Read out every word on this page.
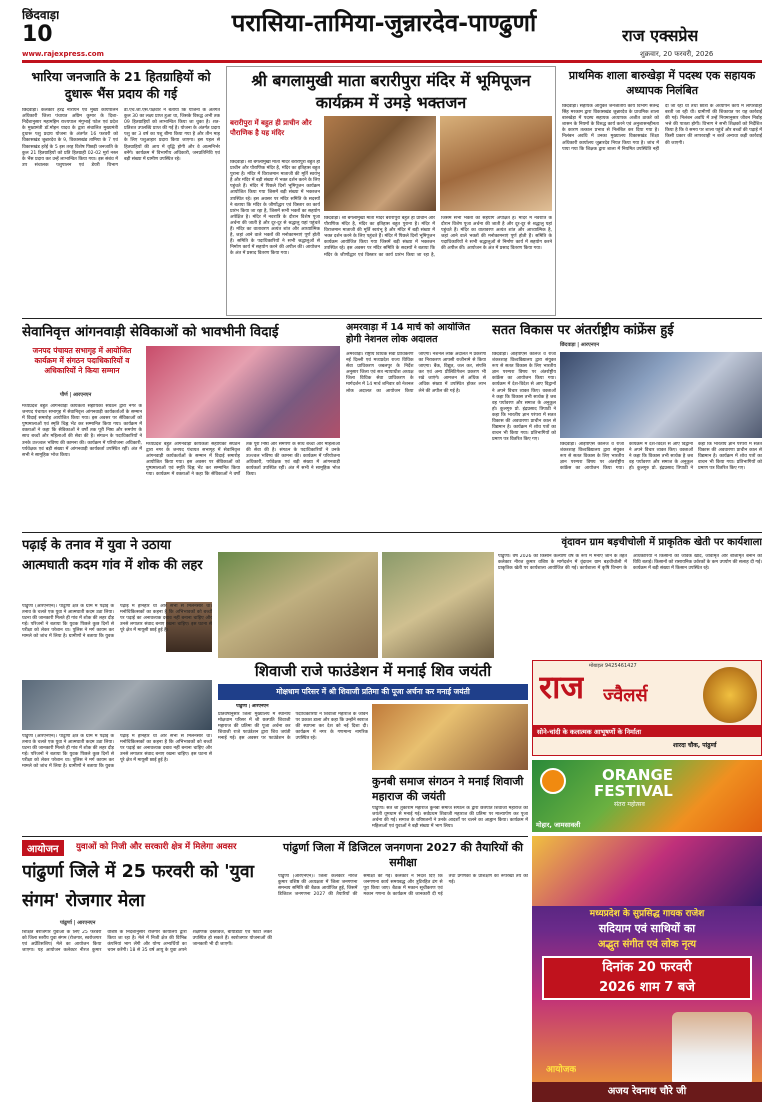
छिंदवाड़ा
10
www.rajexpress.com
परासिया-तामिया-जुन्नारदेव-पाण्ढुर्णा	राज एक्सप्रेस
शुक्रवार, 20 फरवरी, 2026
भारिया जनजाति के 21 हितग्राहियों को दुधारू भैंस प्रदाय की गई
छिंदवाड़ा। कलेक्टर हरेंद्र नारायन एवं मुख्य कार्यपालन अधिकारी जिला पंचायत अग्रिम कुमार के दिशा-निर्देशानुसार महामहिम राज्यपाल मंगुभाई पटेल एवं प्रदेश के मुख्यमंत्री डॉ.मोहन यादव के द्वारा संचालित मुख्यमंत्री दुधारू पशु प्रदाय योजना के अंतर्गत 16 फरवरी को विकासखंड जुन्नारदेव के 9, विकासखंड तामिया के 7 एवं विकासखंड हर्रई के 5 इस तरह विशेष पिछड़ी जनजाति के कुल 21 हितग्राहियों को प्रति हितग्राही 02-02 मुर्रा नस्ल के भैंस प्रदाय कर उन्हें लाभान्वित किया गया। इस संबंध में उप संचालक पशुपालन एवं डेयरी विभाग डॉ.एच.जी.एस.पक्षवार ने बताया कि योजना के अंतर्गत कुल 30 का लक्ष्य प्राप्त हुआ था, जिसके विरुद्ध अभी तक 09 हितग्राहियों को लाभान्वित किया जा चुका है। शत-प्रतिशत उपलब्धि प्राप्त की गई है। योजना के अंतर्गत प्रदाय पशु का 3 वर्ष का पशु बीमा किया गया है और तीन माह के लिए पशुआहार प्रदाय किया जाएगा। इस पहल से हितग्राहियों की आय में वृद्धि होगी और वे आत्मनिर्भर बनेंगे। कार्यक्रम में विभागीय अधिकारी, जनप्रतिनिधि एवं बड़ी संख्या में ग्रामीण उपस्थित रहे।
श्री बगलामुखी माता बरारीपुरा मंदिर में भूमिपूजन कार्यक्रम में उमड़े भक्तजन
बरारीपुरा में बहुत ही प्राचीन और पौराणिक है यह मंदिर
छिंदवाड़ा। श्री बगलामुखी माता मंदिर बरारीपुरा बहुत ही प्राचीन और पौराणिक मंदिर है, मंदिर का इतिहास बहुत पुराना है। मंदिर में विराजमान माताजी की मूर्ति स्वयंभू है और मंदिर में बड़ी संख्या में भक्त दर्शन करने के लिए पहुंचते हैं। मंदिर में पिछले दिनों भूमिपूजन कार्यक्रम आयोजित किया गया जिसमें बड़ी संख्या में भक्तजन उपस्थित रहे। इस अवसर पर मंदिर समिति के सदस्यों ने बताया कि मंदिर के जीर्णोद्धार एवं विस्तार का कार्य प्रारंभ किया जा रहा है, जिसमें सभी भक्तों का सहयोग अपेक्षित है। मंदिर में नवरात्रि के दौरान विशेष पूजा अर्चना की जाती है और दूर-दूर से श्रद्धालु यहां पहुंचते हैं। मंदिर का वातावरण अत्यंत शांत और आध्यात्मिक है, जहां आने वाले भक्तों की मनोकामनाएं पूर्ण होती हैं। समिति के पदाधिकारियों ने सभी श्रद्धालुओं से निर्माण कार्य में सहयोग करने की अपील की। आयोजन के अंत में प्रसाद वितरण किया गया।
छिंदवाड़ा। श्री बगलामुखी माता मंदिर बरारीपुरा बहुत ही प्राचीन और पौराणिक मंदिर है, मंदिर का इतिहास बहुत पुराना है। मंदिर में विराजमान माताजी की मूर्ति स्वयंभू है और मंदिर में बड़ी संख्या में भक्त दर्शन करने के लिए पहुंचते हैं। मंदिर में पिछले दिनों भूमिपूजन कार्यक्रम आयोजित किया गया जिसमें बड़ी संख्या में भक्तजन उपस्थित रहे। इस अवसर पर मंदिर समिति के सदस्यों ने बताया कि मंदिर के जीर्णोद्धार एवं विस्तार का कार्य प्रारंभ किया जा रहा है, जिसमें सभी भक्तों का सहयोग अपेक्षित है। मंदिर में नवरात्रि के दौरान विशेष पूजा अर्चना की जाती है और दूर-दूर से श्रद्धालु यहां पहुंचते हैं। मंदिर का वातावरण अत्यंत शांत और आध्यात्मिक है, जहां आने वाले भक्तों की मनोकामनाएं पूर्ण होती हैं। समिति के पदाधिकारियों ने सभी श्रद्धालुओं से निर्माण कार्य में सहयोग करने की अपील की। आयोजन के अंत में प्रसाद वितरण किया गया।
प्राथमिक शाला बारुखेड़ा में पदस्थ एक सहायक अध्यापक निलंबित
छिंदवाड़ा। सहायक आयुक्त जनजातीय कार्य विभाग सतेन्द्र सिंह मरकाम द्वारा विकासखंड जुन्नारदेव के प्राथमिक शाला बारुखेड़ा में पदस्थ सहायक अध्यापक अजीत ठाकरे को शासन के नियमों के विरुद्ध कार्य करने एवं अनुशासनहीनता के कारण तत्काल प्रभाव से निलंबित कर दिया गया है। निलंबन अवधि में उनका मुख्यालय विकासखंड शिक्षा अधिकारी कार्यालय जुन्नारदेव नियत किया गया है। जांच में पाया गया कि शिक्षक द्वारा शाला में नियमित उपस्थिति नहीं दी जा रही थी तथा छात्रों के अध्यापन कार्य में लापरवाही बरती जा रही थी। ग्रामीणों की शिकायत पर यह कार्रवाई की गई। निलंबन अवधि में उन्हें नियमानुसार जीवन निर्वाह भत्ते की पात्रता होगी। विभाग ने सभी शिक्षकों को निर्देशित किया है कि वे समय पर शाला पहुंचें और बच्चों की पढ़ाई में किसी प्रकार की लापरवाही न बरतें अन्यथा कड़ी कार्रवाई की जाएगी।
सेवानिवृत्त आंगनवाड़ी सेविकाओं को भावभीनी विदाई
जनपद पंचायत सभागृह में आयोजित कार्यक्रम में संगठन पदाधिकारियों व अधिकारियों ने किया सम्मान
पौर्ण | आरएनएन
मध्यप्रदेश बहुत आंगनवाड़ी कार्यकर्ता सहायिका संघठन द्वारा नगर के जनपद पंचायत सभागृह में सेवानिवृत्त आंगनवाड़ी कार्यकर्ताओं के सम्मान में विदाई समारोह आयोजित किया गया। इस अवसर पर सेविकाओं को पुष्पमालाओं एवं स्मृति चिह्न भेंट कर सम्मानित किया गया। कार्यक्रम में वक्ताओं ने कहा कि सेविकाओं ने वर्षों तक पूरी निष्ठा और समर्पण के साथ बच्चों और महिलाओं की सेवा की है। संगठन के पदाधिकारियों ने उनके उज्ज्वल भविष्य की कामना की। कार्यक्रम में परियोजना अधिकारी, पर्यवेक्षक एवं बड़ी संख्या में आंगनवाड़ी कार्यकर्ता उपस्थित रहीं। अंत में सभी ने सामूहिक भोज किया।
मध्यप्रदेश बहुत आंगनवाड़ी कार्यकर्ता सहायिका संघठन द्वारा नगर के जनपद पंचायत सभागृह में सेवानिवृत्त आंगनवाड़ी कार्यकर्ताओं के सम्मान में विदाई समारोह आयोजित किया गया। इस अवसर पर सेविकाओं को पुष्पमालाओं एवं स्मृति चिह्न भेंट कर सम्मानित किया गया। कार्यक्रम में वक्ताओं ने कहा कि सेविकाओं ने वर्षों तक पूरी निष्ठा और समर्पण के साथ बच्चों और महिलाओं की सेवा की है। संगठन के पदाधिकारियों ने उनके उज्ज्वल भविष्य की कामना की। कार्यक्रम में परियोजना अधिकारी, पर्यवेक्षक एवं बड़ी संख्या में आंगनवाड़ी कार्यकर्ता उपस्थित रहीं। अंत में सभी ने सामूहिक भोज किया।
अमरवाड़ा में 14 मार्च को आयोजित होगी नेशनल लोक अदालत
अमरवाड़ा। राष्ट्रीय विधिक सेवा प्राधिकरण नई दिल्ली एवं मध्यप्रदेश राज्य विधिक सेवा प्राधिकरण जबलपुर के निर्देश अनुसार जिला एवं सत्र न्यायाधीश अध्यक्ष जिला विधिक सेवा प्राधिकरण के मार्गदर्शन में 14 मार्च शनिवार को नेशनल लोक अदालत का आयोजन किया जाएगा। नेशनल लोक अदालत में प्रकरणों का निराकरण आपसी राजीनामे से किया जाएगा। बैंक, विद्युत, जल कर, संपत्ति कर एवं अन्य प्रीलिटिगेशन प्रकरण भी रखे जाएंगे। आमजन से अधिक से अधिक संख्या में उपस्थित होकर लाभ लेने की अपील की गई है।
सतत विकास पर अंतर्राष्ट्रीय कांफ्रेंस हुई
छिंदवाड़ा | आरएनएन
छिंदवाड़ा। आईपीएस कॉलेज व राजा शंकरशाह विश्वविद्यालय द्वारा संयुक्त रूप से सतत विकास के लिए भारतीय ज्ञान परम्परा विषय पर अंतर्राष्ट्रीय कांफ्रेंस का आयोजन किया गया। कार्यक्रम में देश-विदेश से आए विद्वानों ने अपने विचार व्यक्त किए। वक्ताओं ने कहा कि विकास तभी सार्थक है जब वह पर्यावरण और समाज के अनुकूल हो। कुलगुरु प्रो. इंद्रप्रसाद त्रिपाठी ने कहा कि भारतीय ज्ञान परंपरा में सतत विकास की अवधारणा प्राचीन काल से विद्यमान है। कार्यक्रम में शोध पत्रों का वाचन भी किया गया। प्रतिभागियों को प्रमाण पत्र वितरित किए गए।
छिंदवाड़ा। आईपीएस कॉलेज व राजा शंकरशाह विश्वविद्यालय द्वारा संयुक्त रूप से सतत विकास के लिए भारतीय ज्ञान परम्परा विषय पर अंतर्राष्ट्रीय कांफ्रेंस का आयोजन किया गया। कार्यक्रम में देश-विदेश से आए विद्वानों ने अपने विचार व्यक्त किए। वक्ताओं ने कहा कि विकास तभी सार्थक है जब वह पर्यावरण और समाज के अनुकूल हो। कुलगुरु प्रो. इंद्रप्रसाद त्रिपाठी ने कहा कि भारतीय ज्ञान परंपरा में सतत विकास की अवधारणा प्राचीन काल से विद्यमान है। कार्यक्रम में शोध पत्रों का वाचन भी किया गया। प्रतिभागियों को प्रमाण पत्र वितरित किए गए।
पढ़ाई के तनाव में युवा ने उठाया आत्मघाती कदम गांव में शोक की लहर
पांढुर्णा (आरएनएन)। पांढुर्णा क्षेत्र के ग्राम में पढ़ाई के तनाव के चलते एक युवा ने आत्मघाती कदम उठा लिया। घटना की जानकारी मिलते ही गांव में शोक की लहर दौड़ गई। परिजनों ने बताया कि युवक पिछले कुछ दिनों से परीक्षा को लेकर परेशान था। पुलिस ने मर्ग कायम कर मामले को जांच में लिया है। ग्रामीणों ने बताया कि युवक पढ़ाई में होनहार था और सभी से मिलनसार था। मनोचिकित्सकों का कहना है कि अभिभावकों को बच्चों पर पढ़ाई का अनावश्यक दबाव नहीं बनाना चाहिए और उनसे लगातार संवाद बनाए रखना चाहिए। इस घटना से पूरे क्षेत्र में मायूसी छाई हुई है।
वृंदावन ग्राम बड़चीचोली में प्राकृतिक खेती पर कार्यशाला
पांढुर्णा। वर्ष 2026 को किसान कल्याण वर्ष के रूप में मनाए जाने के तहत कलेक्टर नीरज कुमार वशिष्ठ के मार्गदर्शन में वृंदावन ग्राम बड़चीचोली में प्राकृतिक खेती पर कार्यशाला आयोजित की गई। कार्यशाला में कृषि विभाग के अधिकारियों ने किसानों को जैविक खाद, जीवामृत और बीजामृत बनाने की विधि बताई। किसानों को रासायनिक उर्वरकों के कम उपयोग की सलाह दी गई। कार्यक्रम में बड़ी संख्या में किसान उपस्थित रहे।
शिवाजी राजे फाउंडेशन में मनाई शिव जयंती
मोक्षधाम परिसर में श्री शिवाजी प्रतिमा की पूजा अर्चना कर मनाई जयंती
पांढुर्णा | आरएनएन
प्रतिवर्षानुसार जिला मुख्यालय में स्थानीय मोक्षधाम परिसर में श्री छत्रपति शिवाजी महाराज की प्रतिमा की पूजा अर्चना कर शिवाजी राजे फाउंडेशन द्वारा शिव जयंती मनाई गई। इस अवसर पर फाउंडेशन के पदाधिकारियों ने शिवाजी महाराज के जीवन पर प्रकाश डाला और कहा कि उन्होंने स्वराज की स्थापना कर देश को नई दिशा दी। कार्यक्रम में नगर के गणमान्य नागरिक उपस्थित रहे।
पांढुर्णा (आरएनएन)। पांढुर्णा क्षेत्र के ग्राम में पढ़ाई के तनाव के चलते एक युवा ने आत्मघाती कदम उठा लिया। घटना की जानकारी मिलते ही गांव में शोक की लहर दौड़ गई। परिजनों ने बताया कि युवक पिछले कुछ दिनों से परीक्षा को लेकर परेशान था। पुलिस ने मर्ग कायम कर मामले को जांच में लिया है। ग्रामीणों ने बताया कि युवक पढ़ाई में होनहार था और सभी से मिलनसार था। मनोचिकित्सकों का कहना है कि अभिभावकों को बच्चों पर पढ़ाई का अनावश्यक दबाव नहीं बनाना चाहिए और उनसे लगातार संवाद बनाए रखना चाहिए। इस घटना से पूरे क्षेत्र में मायूसी छाई हुई है।
कुनबी समाज संगठन ने मनाई शिवाजी महाराज की जयंती
पांढुर्णा। संत श्री तुकाराम महाराज कुनबी समाज संगठन के द्वारा छत्रपति शिवाजी महाराज की जयंती धूमधाम से मनाई गई। सर्वप्रथम शिवाजी महाराज की प्रतिमा पर माल्यार्पण कर पूजा अर्चना की गई। समाज के वरिष्ठजनों ने उनके आदर्शों पर चलने का आह्वान किया। कार्यक्रम में महिलाओं एवं युवाओं ने बड़ी संख्या में भाग लिया।
मोबाइल 9425461427
राज ज्वैलर्स
सोने-चांदी के कलात्मक आभूषणों के निर्माता
शारदा चौक, पांढुर्णा
ORANGE
FESTIVAL
संतरा महोत्सव
मोहार, जामसावली
आयोजन	युवाओं को निजी और सरकारी क्षेत्र में मिलेगा अवसर
पांढुर्णा जिले में 25 फरवरी को 'युवा संगम' रोजगार मेला
पांढुर्णा | आरएनएन
शिक्षित बेरोजगार युवाओं के लिए 25 फरवरी को जिला स्तरीय युवा संगम (रोजगार, स्वरोजगार एवं अप्रेंटिसशिप) मेले का आयोजन किया जाएगा। यह आयोजन कलेक्टर नीरज कुमार वशिष्ठ के निर्देशानुसार रोजगार कार्यालय द्वारा किया जा रहा है। मेले में निजी क्षेत्र की विभिन्न कंपनियां भाग लेंगी और योग्य अभ्यर्थियों का चयन करेंगी। 18 से 35 वर्ष आयु के युवा अपने शैक्षणिक दस्तावेज, बायोडाटा एवं फोटो लेकर उपस्थित हो सकते हैं। स्वरोजगार योजनाओं की जानकारी भी दी जाएगी।
पांढुर्णा जिला में डिजिटल जनगणना 2027 की तैयारियों की समीक्षा
पांढुर्णा (आरएनएन)। जिला कलेक्टर नीरज कुमार वशिष्ठ की अध्यक्षता में जिला जनगणना समन्वय समिति की बैठक आयोजित हुई, जिसमें डिजिटल जनगणना 2027 की तैयारियों की समीक्षा की गई। कलेक्टर ने निर्देश दिए कि जनगणना कार्य समयबद्ध और त्रुटिरहित ढंग से पूरा किया जाए। बैठक में मकान सूचीकरण एवं मकान गणना के कार्यक्रम की जानकारी दी गई तथा प्रगणकों के प्रशिक्षण की रूपरेखा तय की गई।
मध्यप्रदेश के सुप्रसिद्ध गायक राजेश
सदियाम एवं साथियों का
अद्भुत संगीत एवं लोक नृत्य
दिनांक 20 फरवरी
2026 शाम 7 बजे
आयोजक
अजय रेवनाथ चौरे जी
